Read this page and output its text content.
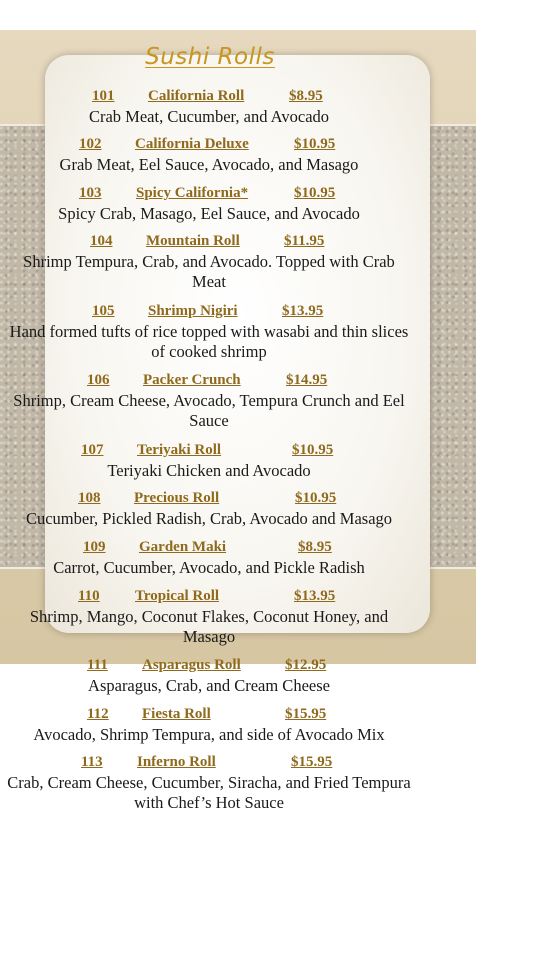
Sushi Rolls
101 California Roll	$8.95
Crab Meat, Cucumber, and Avocado
102 California Deluxe	$10.95
Grab Meat, Eel Sauce, Avocado, and Masago
103 Spicy California*	$10.95
Spicy Crab, Masago, Eel Sauce, and Avocado
104 Mountain Roll	$11.95
Shrimp Tempura, Crab, and Avocado. Topped with Crab Meat
105 Shrimp Nigiri	$13.95
Hand formed tufts of rice topped with wasabi and thin slices of cooked shrimp
106 Packer Crunch	$14.95
Shrimp, Cream Cheese, Avocado, Tempura Crunch and Eel Sauce
107 Teriyaki Roll	$10.95
Teriyaki Chicken and Avocado
108 Precious Roll	$10.95
Cucumber, Pickled Radish, Crab, Avocado and Masago
109 Garden Maki	$8.95
Carrot, Cucumber, Avocado, and Pickle Radish
110 Tropical Roll	$13.95
Shrimp, Mango, Coconut Flakes, Coconut Honey, and Masago
111 Asparagus Roll	$12.95
Asparagus, Crab, and Cream Cheese
112 Fiesta Roll	$15.95
Avocado, Shrimp Tempura, and side of Avocado Mix
113 Inferno Roll	$15.95
Crab, Cream Cheese, Cucumber, Siracha, and Fried Tempura with Chef’s Hot Sauce
